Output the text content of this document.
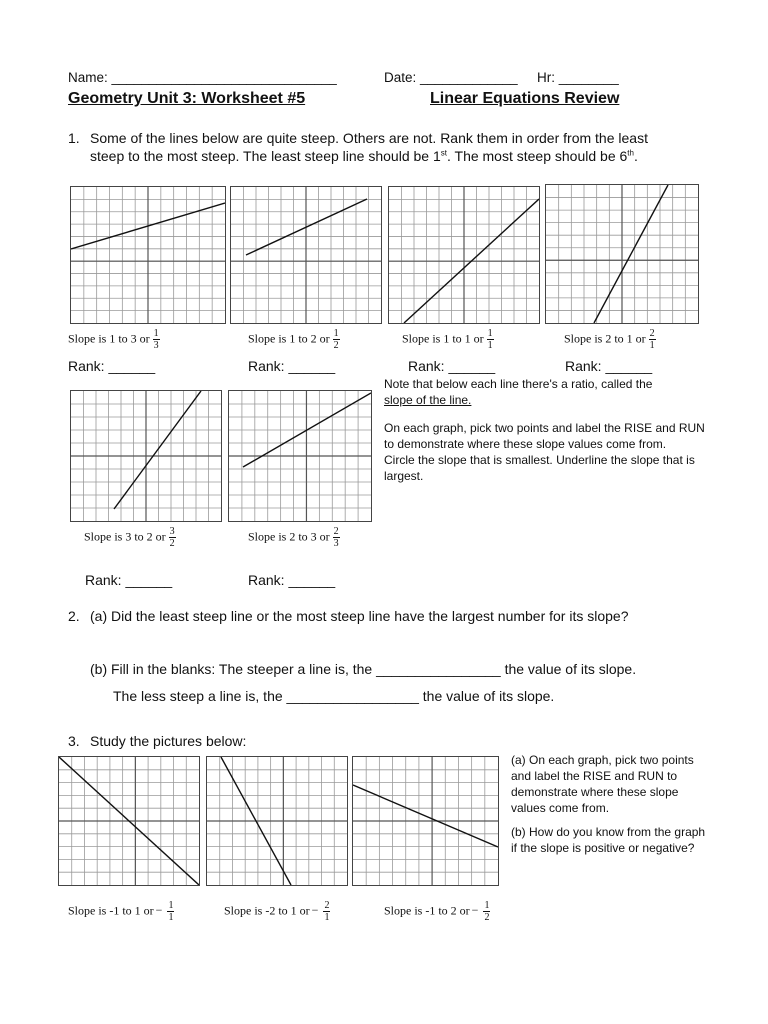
Name: ______________________________	Date: _____________ Hr: ________
Geometry Unit 3: Worksheet #5	Linear Equations Review
1. Some of the lines below are quite steep. Others are not. Rank them in order from the least
steep to the most steep. The least steep line should be 1st. The most steep should be 6th.
Slope is 1 to 3 or $\frac{1}{3}$	Slope is 1 to 2 or $\frac{1}{2}$	Slope is 1 to 1 or $\frac{1}{1}$	Slope is 2 to 1 or $\frac{2}{1}$
Rank: ______	Rank: ______	Rank: ______	Rank: ______
Slope is 3 to 2 or $\frac{3}{2}$	Slope is 2 to 3 or $\frac{2}{3}$
Rank: ______	Rank: ______
Note that below each line there's a ratio, called the
slope of the line.
On each graph, pick two points and label the RISE and RUN to demonstrate where these slope values come from.
Circle the slope that is smallest. Underline the slope that is largest.
2. (a) Did the least steep line or the most steep line have the largest number for its slope?
(b) Fill in the blanks: The steeper a line is, the ________________ the value of its slope.
The less steep a line is, the _________________ the value of its slope.
3. Study the pictures below:
Slope is -1 to 1 or − $\frac{1}{1}$	Slope is -2 to 1 or − $\frac{2}{1}$	Slope is -1 to 2 or − $\frac{1}{2}$
(a) On each graph, pick two points and label the RISE and RUN to demonstrate where these slope values come from.
(b) How do you know from the graph if the slope is positive or negative?
